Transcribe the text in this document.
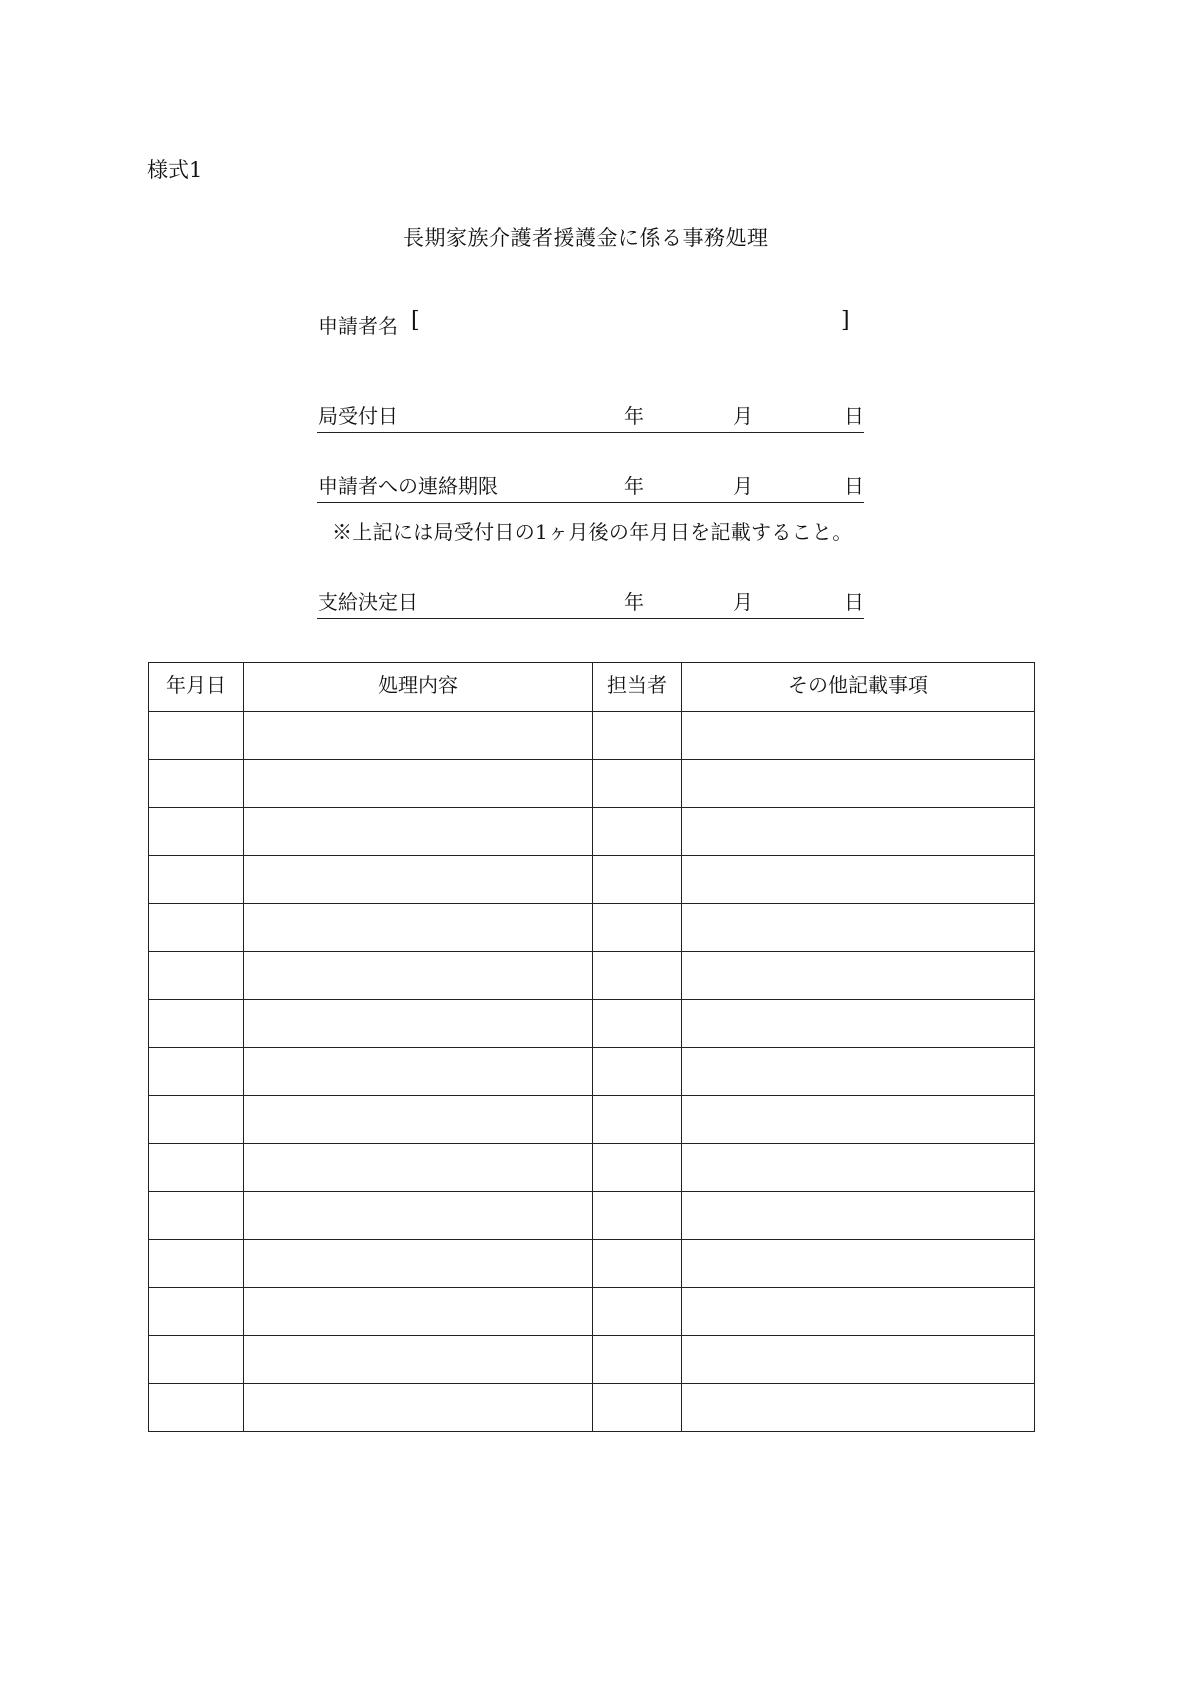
様式1
長期家族介護者援護金に係る事務処理
申請者名 [	]
局受付日	年	月	日
申請者への連絡期限	年	月	日
※上記には局受付日の1ヶ月後の年月日を記載すること。
支給決定日	年	月	日
年月日	処理内容	担当者	その他記載事項
